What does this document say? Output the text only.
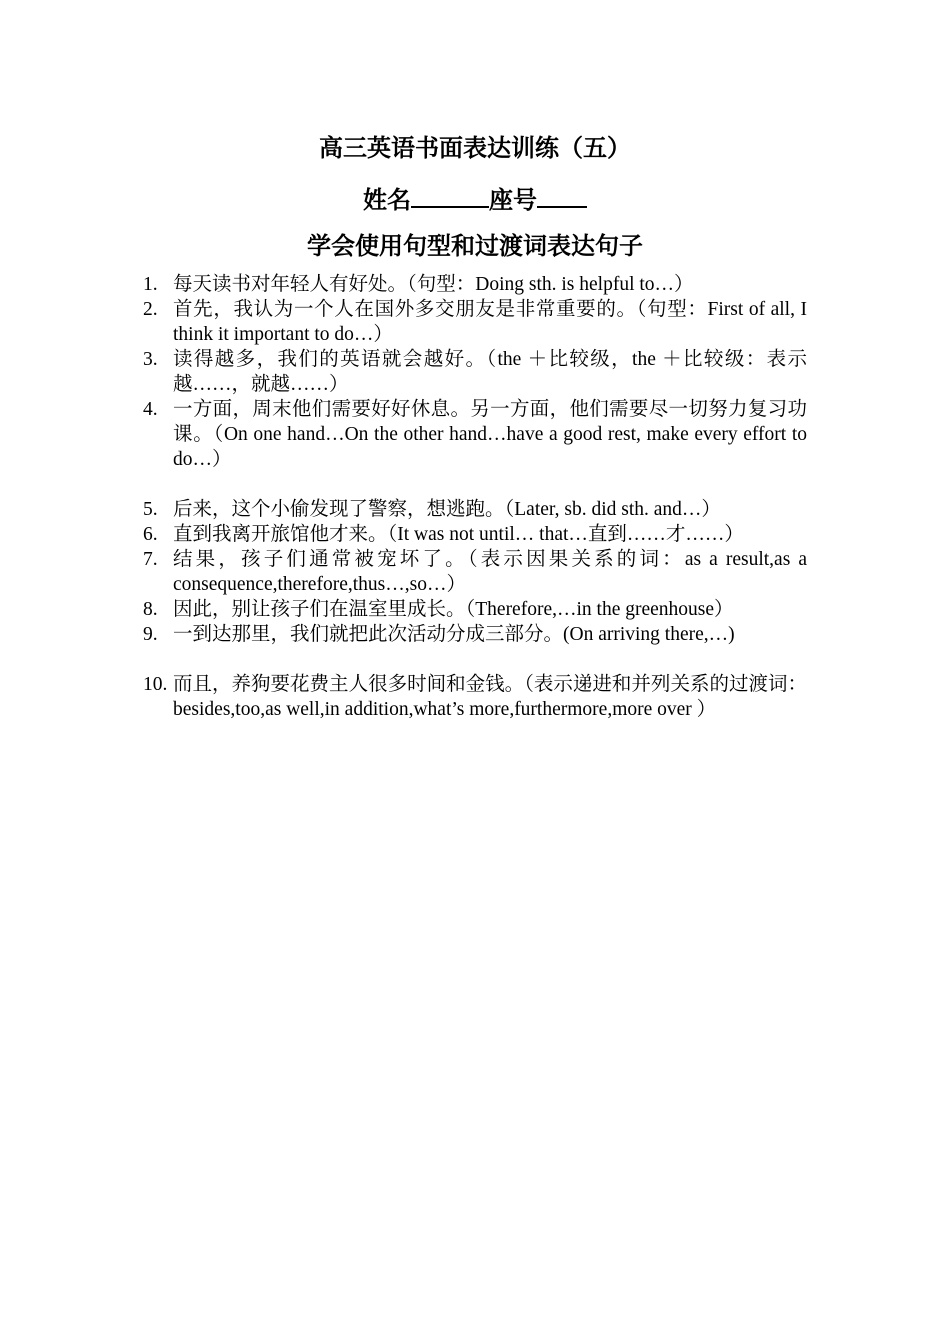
高三英语书面表达训练（五）
姓名	座号
学会使用句型和过渡词表达句子
1. 每天读书对年轻人有好处。（句型：Doing sth. is helpful to…）
2. 首先，我认为一个人在国外多交朋友是非常重要的。（句型：First of all, I think it important to do…）
3. 读得越多，我们的英语就会越好。（the ＋比较级，the ＋比较级：表示越……，就越……）
4. 一方面，周末他们需要好好休息。另一方面，他们需要尽一切努力复习功课。（On one hand…On the other hand…have a good rest, make every effort to do…）
5. 后来，这个小偷发现了警察，想逃跑。（Later, sb. did sth. and…）
6. 直到我离开旅馆他才来。（It was not until… that…直到……才……）
7. 结果，孩子们通常被宠坏了。（表示因果关系的词：as a result,as a consequence,therefore,thus…,so…）
8. 因此，别让孩子们在温室里成长。（Therefore,…in the greenhouse）
9. 一到达那里，我们就把此次活动分成三部分。(On arriving there,…)
10. 而且，养狗要花费主人很多时间和金钱。（表示递进和并列关系的过渡词：besides,too,as well,in addition,what’s more,furthermore,more over ）
